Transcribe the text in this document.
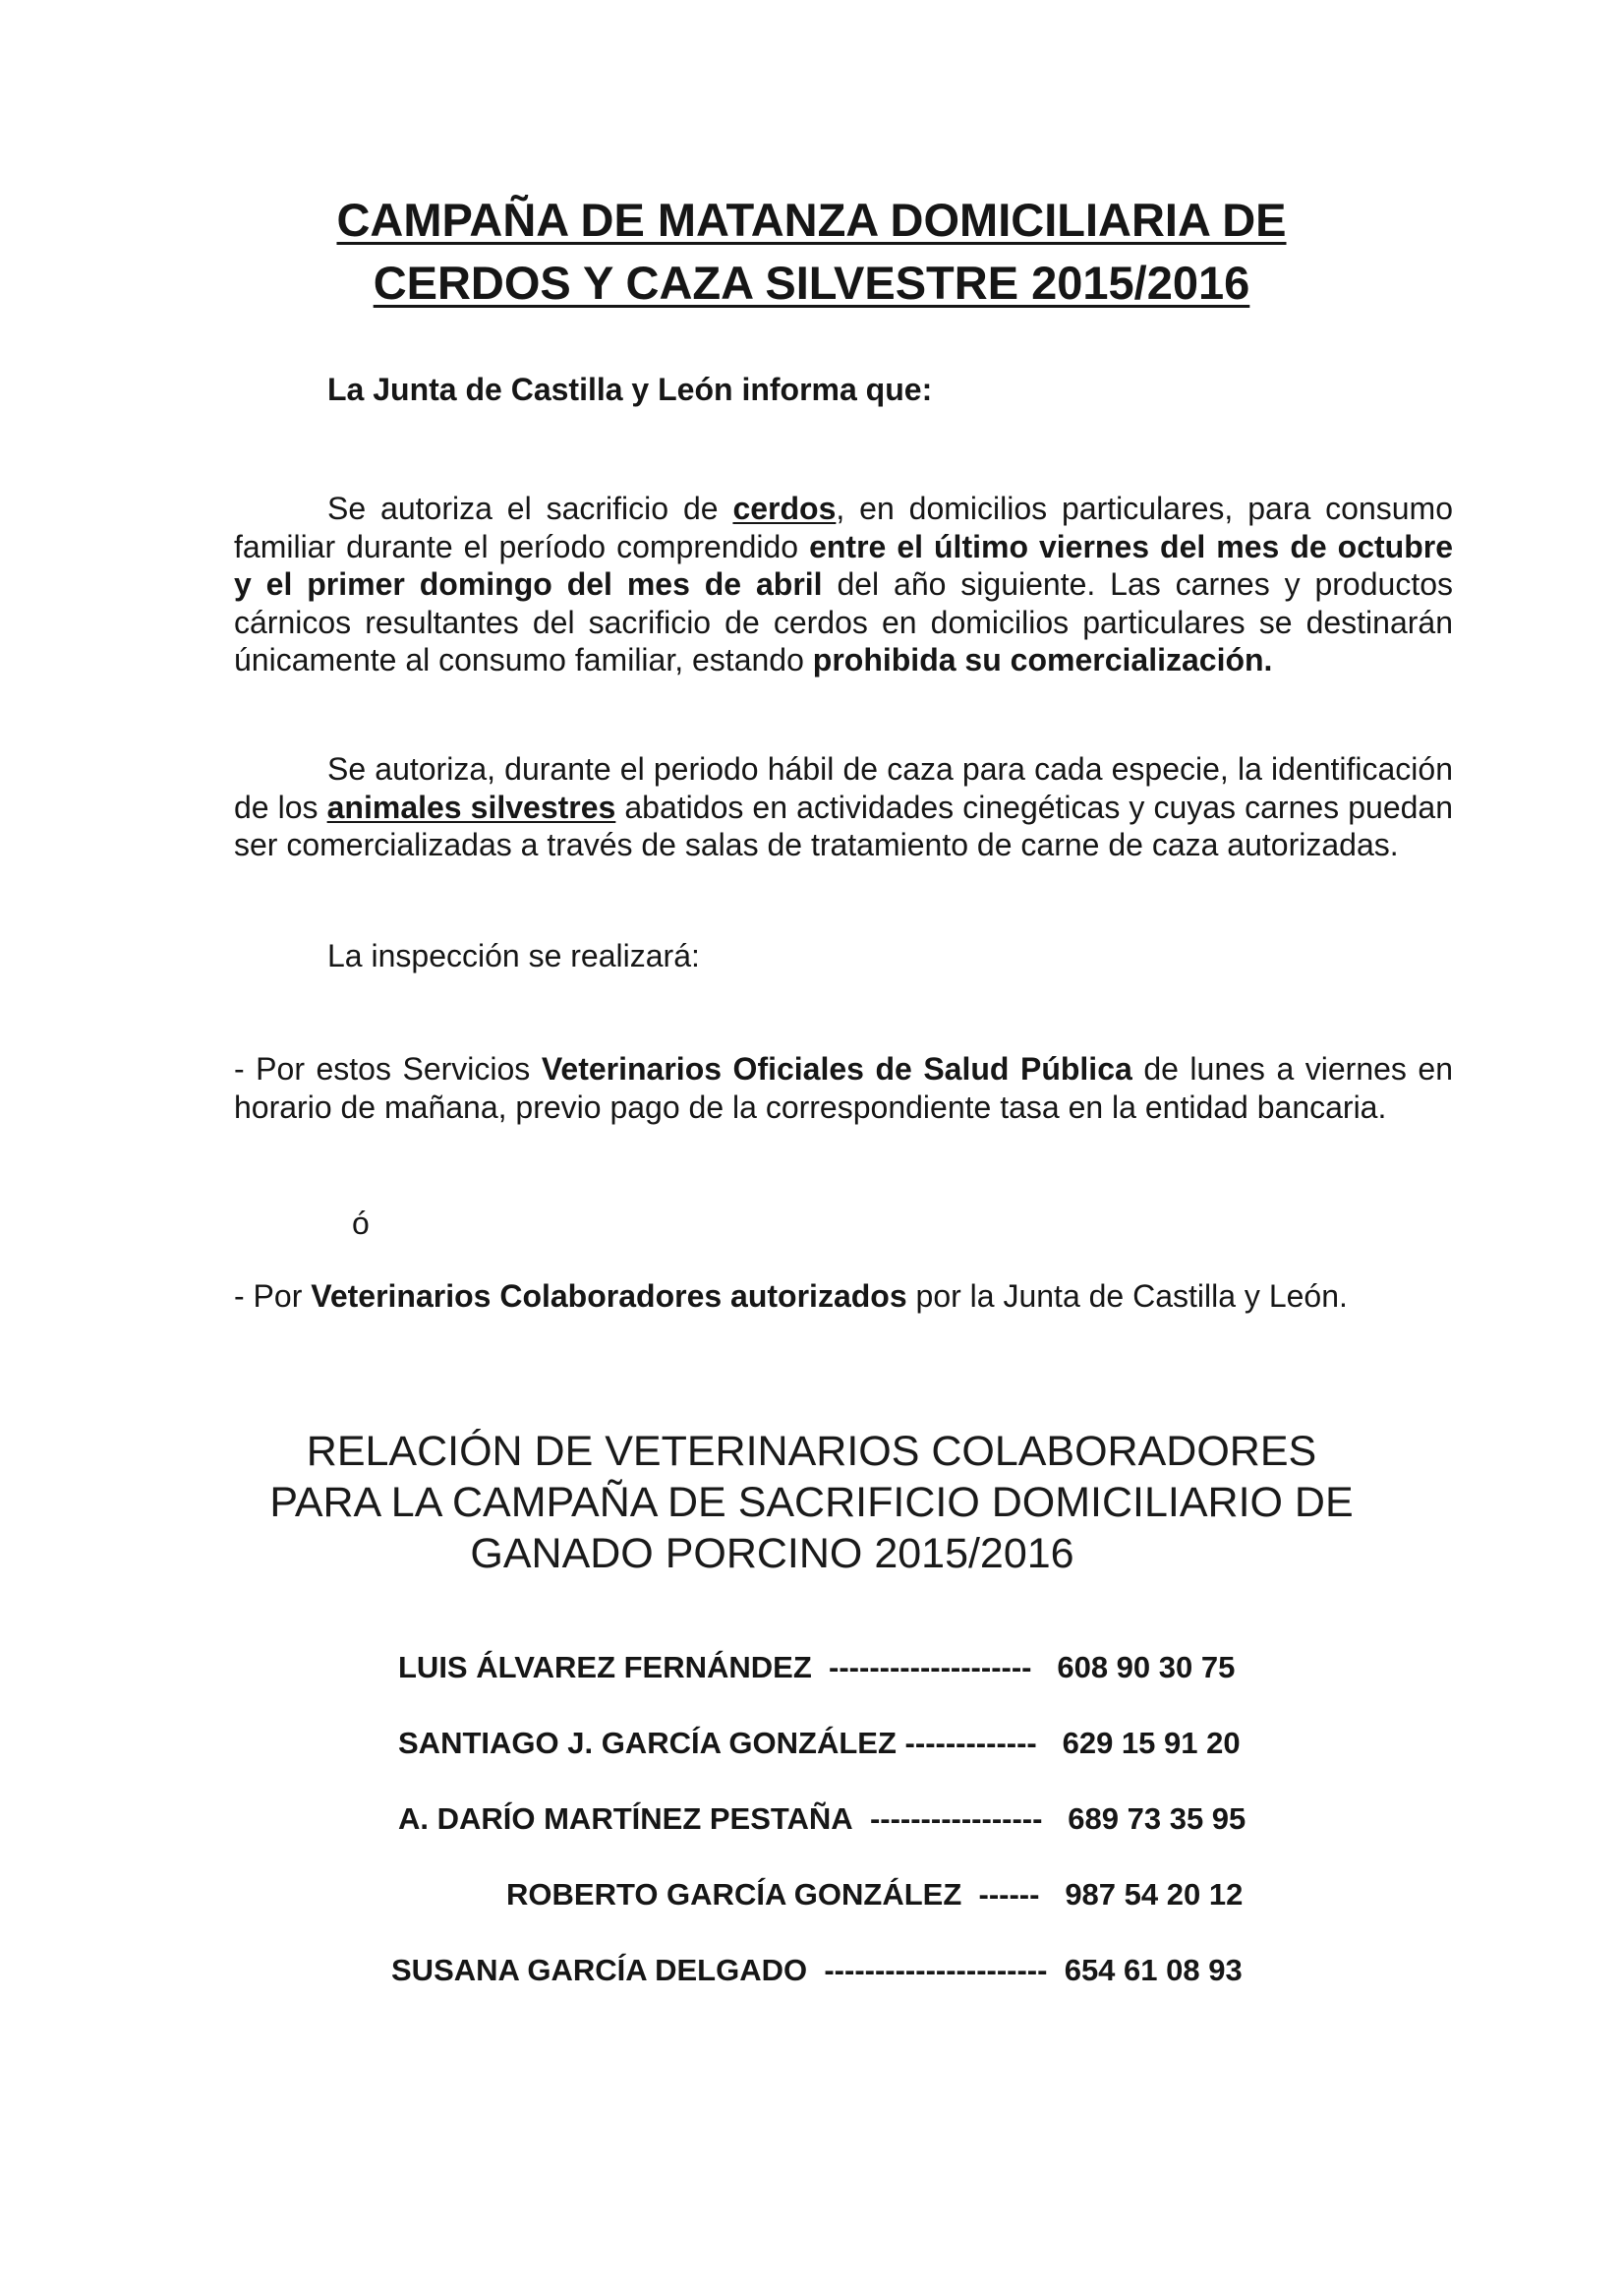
CAMPAÑA DE MATANZA DOMICILIARIA DE
CERDOS Y CAZA SILVESTRE 2015/2016
La Junta de Castilla y León informa que:
Se autoriza el sacrificio de cerdos, en domicilios particulares, para consumo familiar durante el período comprendido entre el último viernes del mes de octubre y el primer domingo del mes de abril del año siguiente. Las carnes y productos cárnicos resultantes del sacrificio de cerdos en domicilios particulares se destinarán únicamente al consumo familiar, estando prohibida su comercialización.
Se autoriza, durante el periodo hábil de caza para cada especie, la identificación de los animales silvestres abatidos en actividades cinegéticas y cuyas carnes puedan ser comercializadas a través de salas de tratamiento de carne de caza autorizadas.
La inspección se realizará:
- Por estos Servicios Veterinarios Oficiales de Salud Pública de lunes a viernes en horario de mañana, previo pago de la correspondiente tasa en la entidad bancaria.
ó
- Por Veterinarios Colaboradores autorizados por la Junta de Castilla y León.
RELACIÓN DE VETERINARIOS COLABORADORES
PARA LA CAMPAÑA DE SACRIFICIO DOMICILIARIO DE
GANADO PORCINO 2015/2016
LUIS ÁLVAREZ FERNÁNDEZ -------------------- 608 90 30 75
SANTIAGO J. GARCÍA GONZÁLEZ ------------- 629 15 91 20
A. DARÍO MARTÍNEZ PESTAÑA ----------------- 689 73 35 95
ROBERTO GARCÍA GONZÁLEZ ------ 987 54 20 12
SUSANA GARCÍA DELGADO ---------------------- 654 61 08 93
